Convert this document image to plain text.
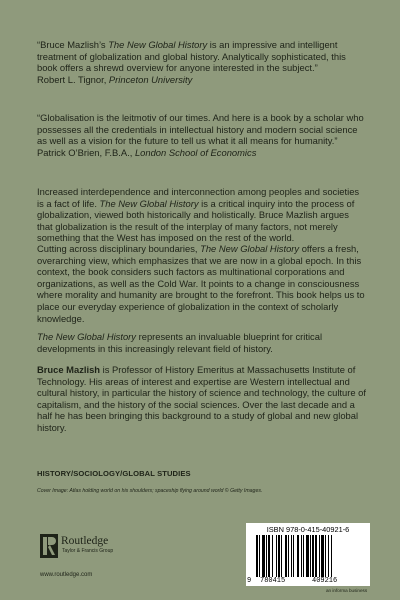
“Bruce Mazlish’s The New Global History is an impressive and intelligent treatment of globalization and global history. Analytically sophisticated, this book offers a shrewd overview for anyone interested in the subject.”

Robert L. Tignor, Princeton University

“Globalisation is the leitmotiv of our times. And here is a book by a scholar who possesses all the credentials in intellectual history and modern social science as well as a vision for the future to tell us what it all means for humanity.”

Patrick O’Brien, F.B.A., London School of Economics

Increased interdependence and interconnection among peoples and societies is a fact of life. The New Global History is a critical inquiry into the process of globalization, viewed both historically and holistically. Bruce Mazlish argues that globalization is the result of the interplay of many factors, not merely something that the West has imposed on the rest of the world.

Cutting across disciplinary boundaries, The New Global History offers a fresh, overarching view, which emphasizes that we are now in a global epoch. In this context, the book considers such factors as multinational corporations and organizations, as well as the Cold War. It points to a change in consciousness where morality and humanity are brought to the forefront. This book helps us to place our everyday experience of globalization in the context of scholarly knowledge.

The New Global History represents an invaluable blueprint for critical developments in this increasingly relevant field of history.

Bruce Mazlish is Professor of History Emeritus at Massachusetts Institute of Technology. His areas of interest and expertise are Western intellectual and cultural history, in particular the history of science and technology, the culture of capitalism, and the history of the social sciences. Over the last decade and a half he has been bringing this background to a study of global and new global history.

HISTORY/SOCIOLOGY/GLOBAL STUDIES
Cover Image: Atlas holding world on his shoulders; spaceship flying around world © Getty Images.
Routledge
Taylor & Francis Group
www.routledge.com
ISBN 978-0-415-40921-6
9 780415	409216
an informa business
